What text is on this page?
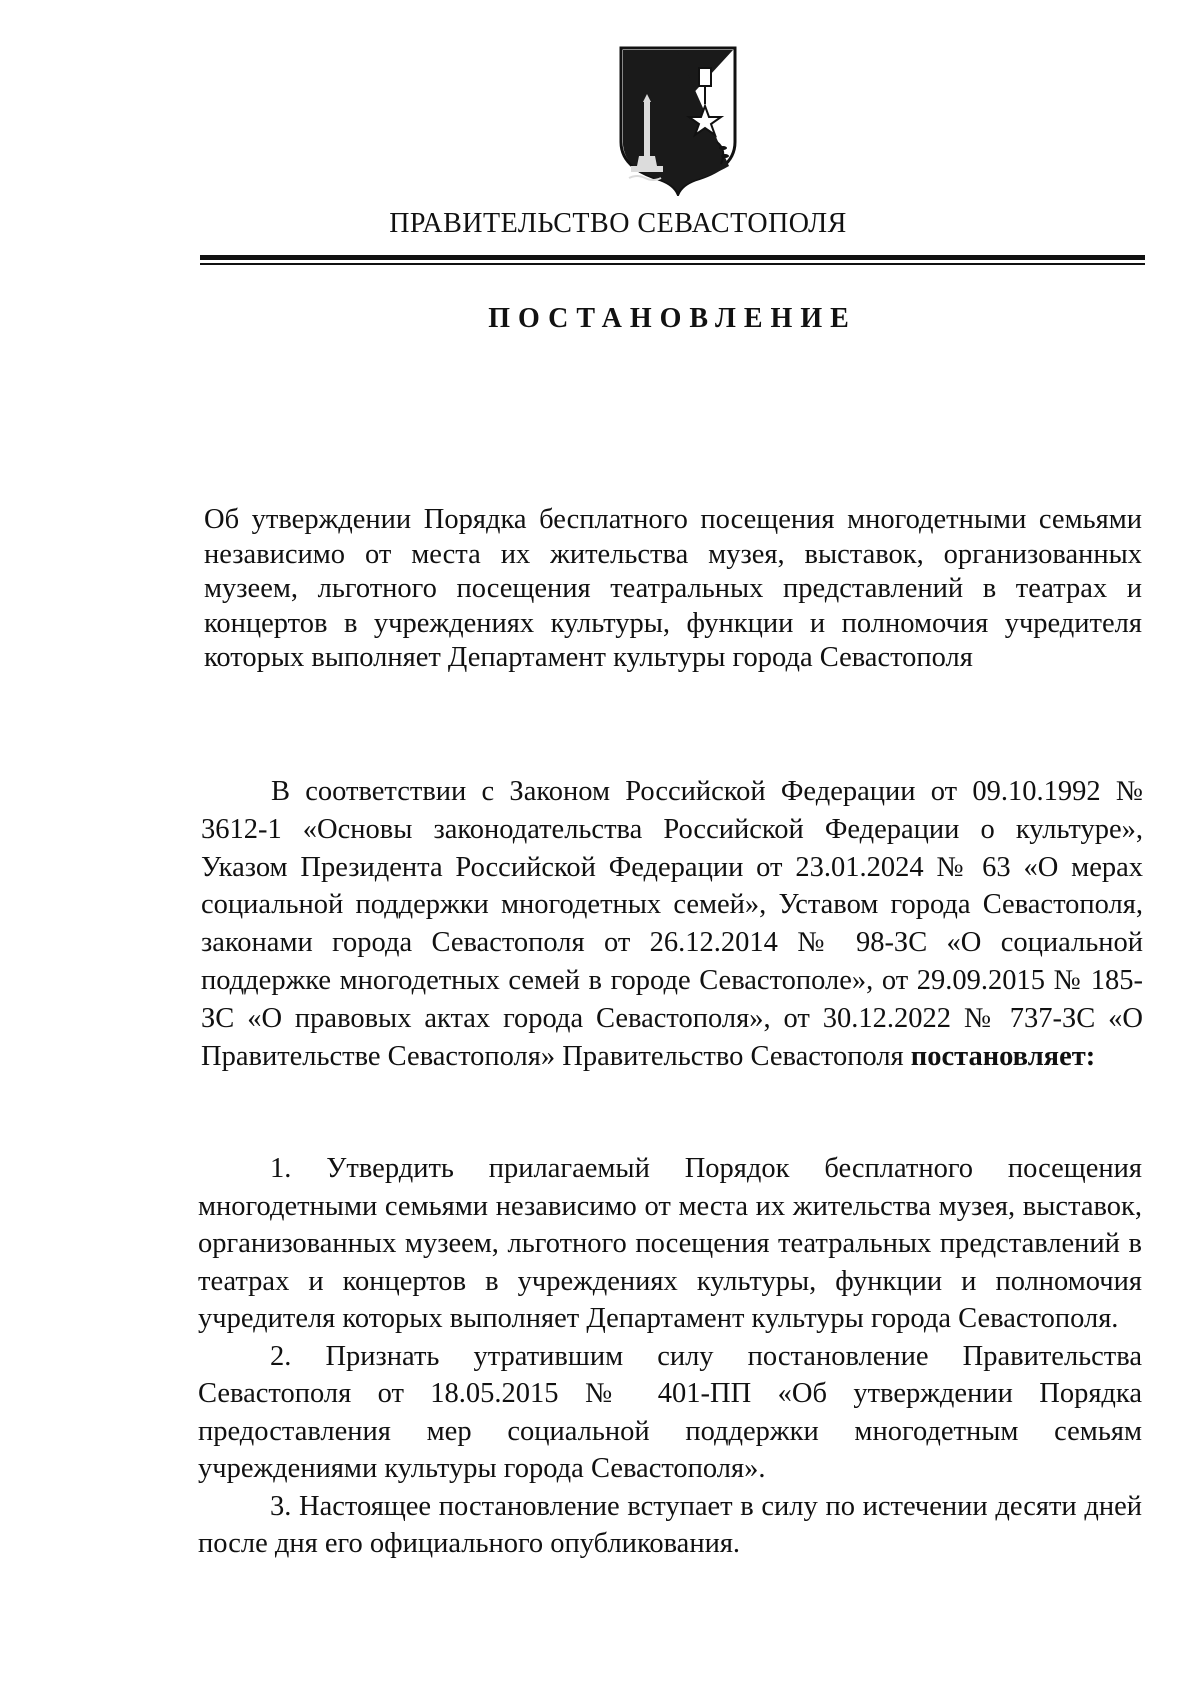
ПРАВИТЕЛЬСТВО СЕВАСТОПОЛЯ
ПОСТАНОВЛЕНИЕ

Об утверждении Порядка бесплатного посещения многодетными семьями независимо от места их жительства музея, выставок, организованных музеем, льготного посещения театральных представлений в театрах и концертов в учреждениях культуры, функции и полномочия учредителя которых выполняет Департамент культуры города Севастополя

В соответствии с Законом Российской Федерации от 09.10.1992 № 3612-1 «Основы законодательства Российской Федерации о культуре», Указом Президента Российской Федерации от 23.01.2024 № 63 «О мерах социальной поддержки многодетных семей», Уставом города Севастополя, законами города Севастополя от 26.12.2014 № 98-ЗС «О социальной поддержке многодетных семей в городе Севастополе», от 29.09.2015 № 185-ЗС «О правовых актах города Севастополя», от 30.12.2022 № 737-ЗС «О Правительстве Севастополя» Правительство Севастополя постановляет:

1. Утвердить прилагаемый Порядок бесплатного посещения многодетными семьями независимо от места их жительства музея, выставок, организованных музеем, льготного посещения театральных представлений в театрах и концертов в учреждениях культуры, функции и полномочия учредителя которых выполняет Департамент культуры города Севастополя.

2. Признать утратившим силу постановление Правительства Севастополя от 18.05.2015 № 401-ПП «Об утверждении Порядка предоставления мер социальной поддержки многодетным семьям учреждениями культуры города Севастополя».

3. Настоящее постановление вступает в силу по истечении десяти дней после дня его официального опубликования.
